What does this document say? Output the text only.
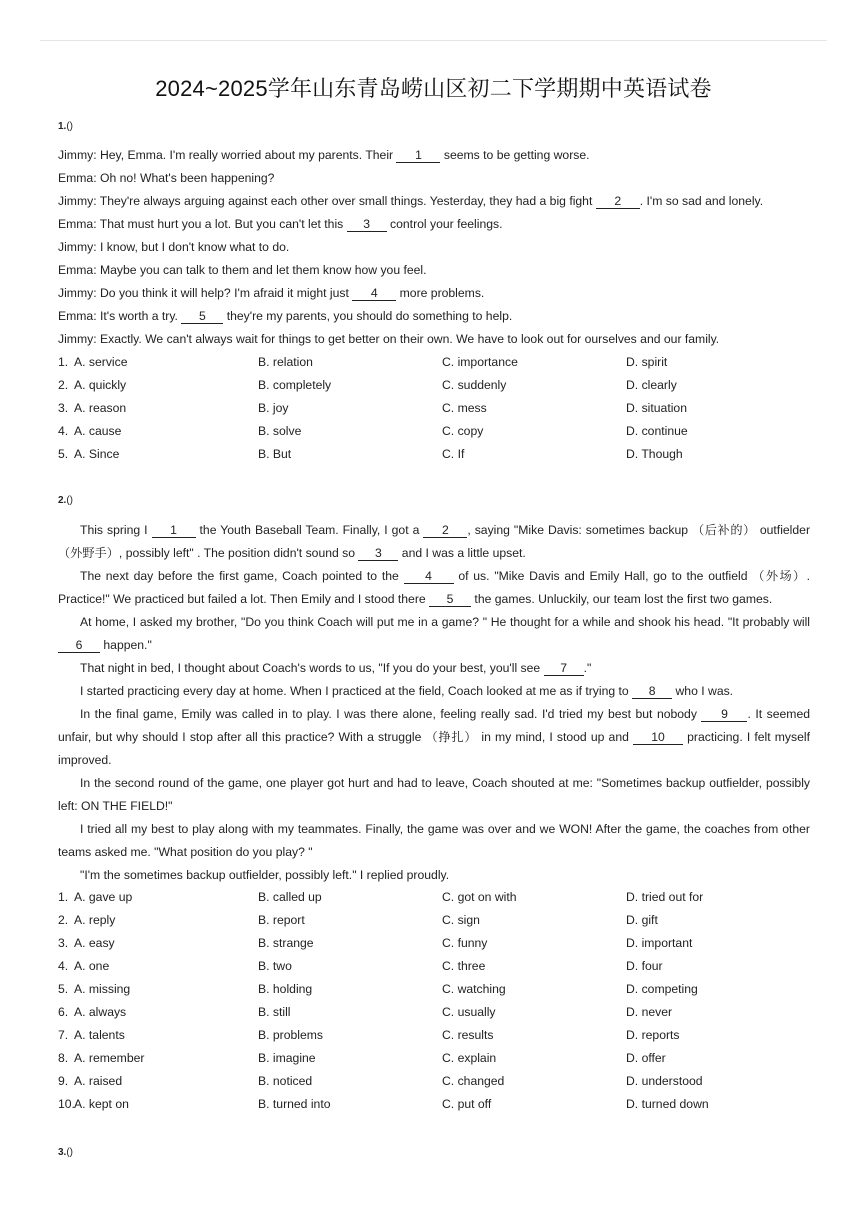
2024~2025学年山东青岛崂山区初二下学期期中英语试卷
1.()
Jimmy: Hey, Emma. I'm really worried about my parents. Their 1 seems to be getting worse.
Emma: Oh no! What's been happening?
Jimmy: They're always arguing against each other over small things. Yesterday, they had a big fight 2 . I'm so sad and lonely.
Emma: That must hurt you a lot. But you can't let this 3 control your feelings.
Jimmy: I know, but I don't know what to do.
Emma: Maybe you can talk to them and let them know how you feel.
Jimmy: Do you think it will help? I'm afraid it might just 4 more problems.
Emma: It's worth a try. 5 they're my parents, you should do something to help.
Jimmy: Exactly. We can't always wait for things to get better on their own. We have to look out for ourselves and our family.
1. A. service	B. relation	C. importance	D. spirit
2. A. quickly	B. completely	C. suddenly	D. clearly
3. A. reason	B. joy	C. mess	D. situation
4. A. cause	B. solve	C. copy	D. continue
5. A. Since	B. But	C. If	D. Though
2.()
This spring I 1 the Youth Baseball Team. Finally, I got a 2 , saying "Mike Davis: sometimes backup （后补的） outfielder （外野手）, possibly left" . The position didn't sound so 3 and I was a little upset.
The next day before the first game, Coach pointed to the 4 of us. "Mike Davis and Emily Hall, go to the outfield （外场）. Practice!" We practiced but failed a lot. Then Emily and I stood there 5 the games. Unluckily, our team lost the first two games.
At home, I asked my brother, "Do you think Coach will put me in a game? " He thought for a while and shook his head. "It probably will 6 happen."
That night in bed, I thought about Coach's words to us, "If you do your best, you'll see 7 ."
I started practicing every day at home. When I practiced at the field, Coach looked at me as if trying to 8 who I was.
In the final game, Emily was called in to play. I was there alone, feeling really sad. I'd tried my best but nobody 9 . It seemed unfair, but why should I stop after all this practice? With a struggle （挣扎） in my mind, I stood up and 10 practicing. I felt myself improved.
In the second round of the game, one player got hurt and had to leave, Coach shouted at me: "Sometimes backup outfielder, possibly left: ON THE FIELD!"
I tried all my best to play along with my teammates. Finally, the game was over and we WON! After the game, the coaches from other teams asked me. "What position do you play? "
"I'm the sometimes backup outfielder, possibly left." I replied proudly.
1. A. gave up	B. called up	C. got on with	D. tried out for
2. A. reply	B. report	C. sign	D. gift
3. A. easy	B. strange	C. funny	D. important
4. A. one	B. two	C. three	D. four
5. A. missing	B. holding	C. watching	D. competing
6. A. always	B. still	C. usually	D. never
7. A. talents	B. problems	C. results	D. reports
8. A. remember	B. imagine	C. explain	D. offer
9. A. raised	B. noticed	C. changed	D. understood
10. A. kept on	B. turned into	C. put off	D. turned down
3.()
